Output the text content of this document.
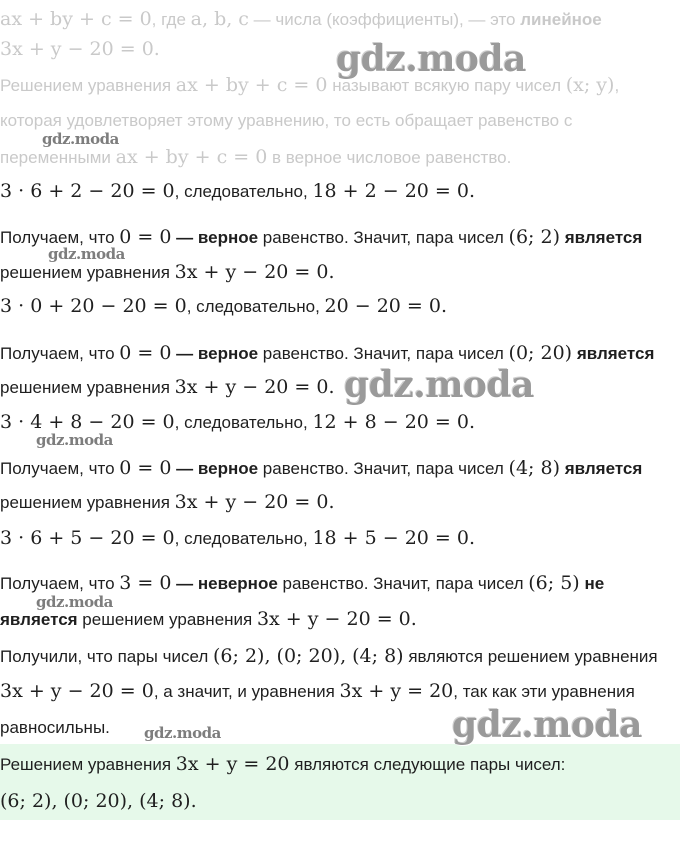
ax + by + c = 0, где a, b, c — числа (коэффициенты), — это линейное
3x + y − 20 = 0.
Решением уравнения ax + by + c = 0 называют всякую пару чисел (x; y),
которая удовлетворяет этому уравнению, то есть обращает равенство с
переменными ax + by + c = 0 в верное числовое равенство.
3 · 6 + 2 − 20 = 0, следовательно, 18 + 2 − 20 = 0.
Получаем, что 0 = 0 — верное равенство. Значит, пара чисел (6; 2) является
решением уравнения 3x + y − 20 = 0.
3 · 0 + 20 − 20 = 0, следовательно, 20 − 20 = 0.
Получаем, что 0 = 0 — верное равенство. Значит, пара чисел (0; 20) является
решением уравнения 3x + y − 20 = 0.
3 · 4 + 8 − 20 = 0, следовательно, 12 + 8 − 20 = 0.
Получаем, что 0 = 0 — верное равенство. Значит, пара чисел (4; 8) является
решением уравнения 3x + y − 20 = 0.
3 · 6 + 5 − 20 = 0, следовательно, 18 + 5 − 20 = 0.
Получаем, что 3 = 0 — неверное равенство. Значит, пара чисел (6; 5) не
является решением уравнения 3x + y − 20 = 0.
Получили, что пары чисел (6; 2), (0; 20), (4; 8) являются решением уравнения
3x + y − 20 = 0, а значит, и уравнения 3x + y = 20, так как эти уравнения
равносильны.
Решением уравнения 3x + y = 20 являются следующие пары чисел:
(6; 2), (0; 20), (4; 8).
gdz.moda
gdz.moda
gdz.moda
gdz.moda
gdz.moda
gdz.moda
gdz.moda	gdz.moda
